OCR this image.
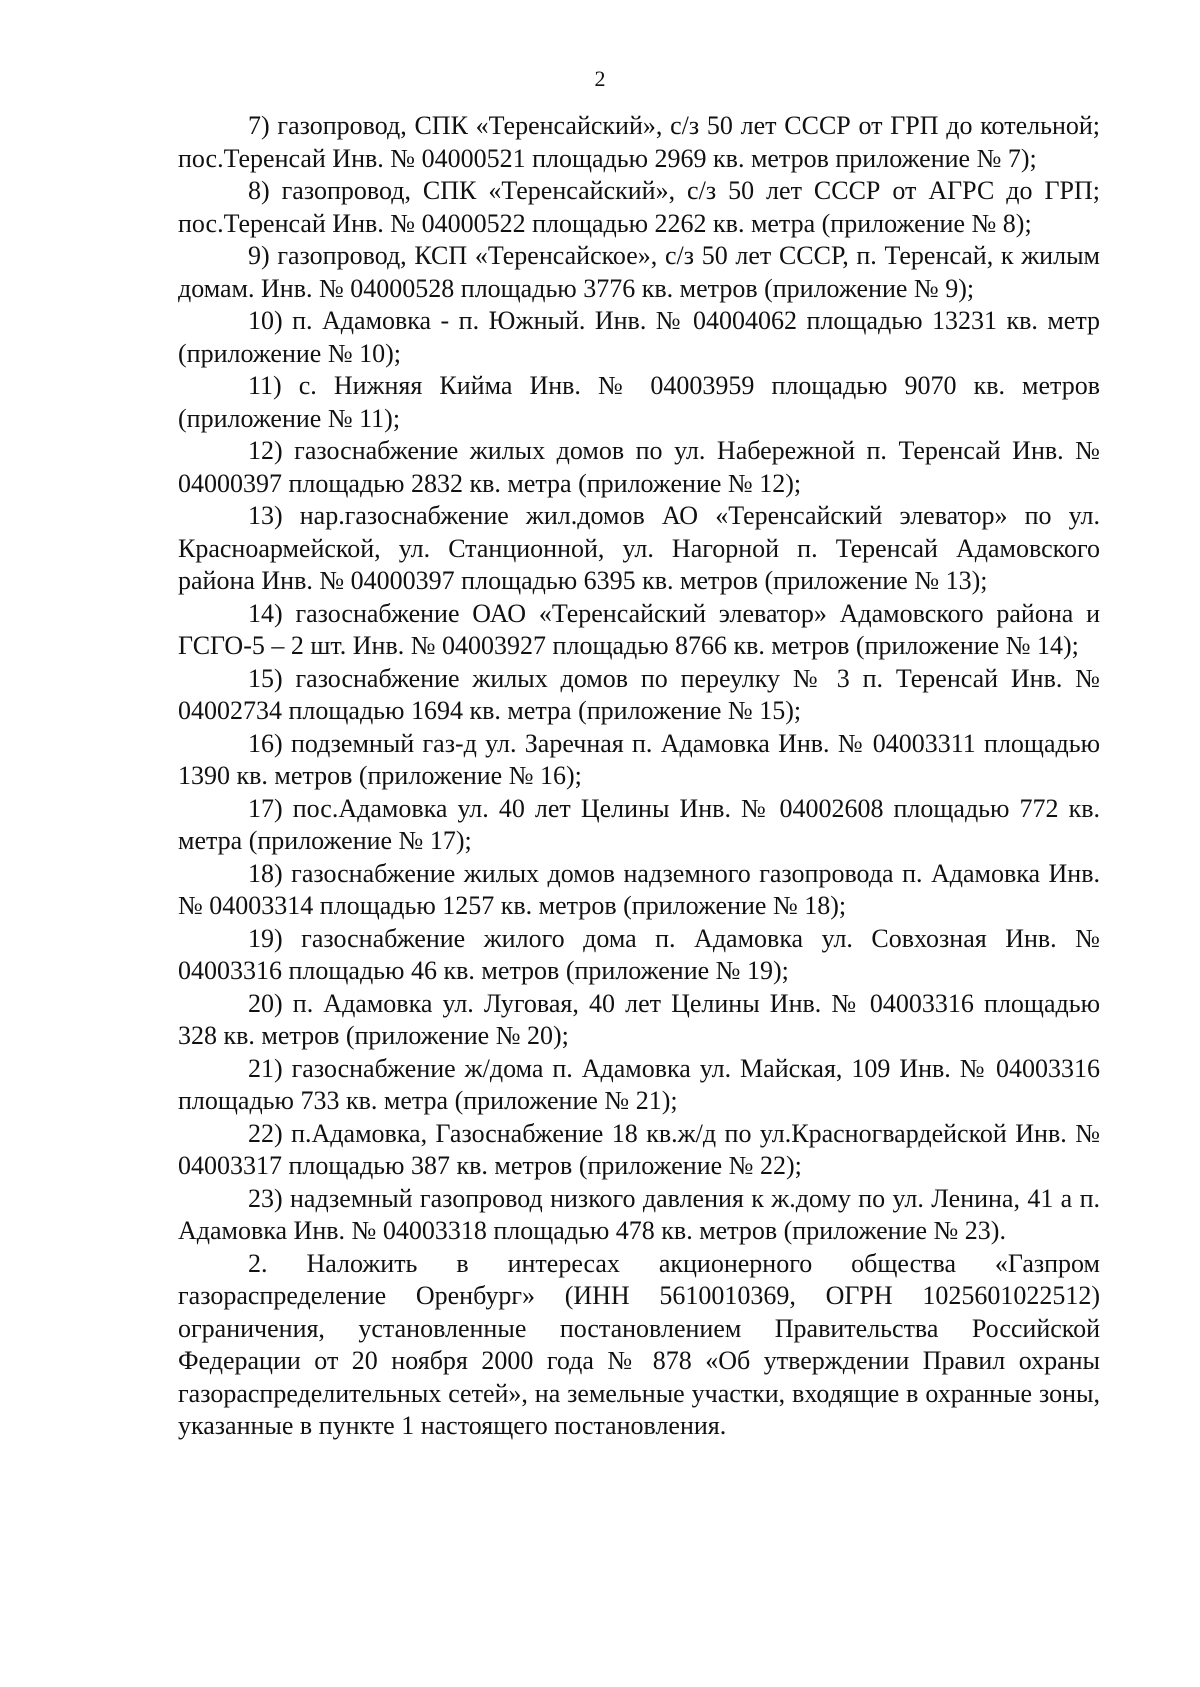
2

7) газопровод, СПК «Теренсайский», с/з 50 лет СССР от ГРП до котельной; пос.Теренсай Инв. № 04000521 площадью 2969 кв. метров приложение № 7);

8) газопровод, СПК «Теренсайский», с/з 50 лет СССР от АГРС до ГРП; пос.Теренсай Инв. № 04000522 площадью 2262 кв. метра (приложение № 8);

9) газопровод, КСП «Теренсайское», с/з 50 лет СССР, п. Теренсай, к жилым домам. Инв. № 04000528 площадью 3776 кв. метров (приложение № 9);

10) п. Адамовка - п. Южный. Инв. № 04004062 площадью 13231 кв. метр (приложение № 10);

11) с. Нижняя Кийма Инв. № 04003959 площадью 9070 кв. метров (приложение № 11);

12) газоснабжение жилых домов по ул. Набережной п. Теренсай Инв. № 04000397 площадью 2832 кв. метра (приложение № 12);

13) нар.газоснабжение жил.домов АО «Теренсайский элеватор» по ул. Красноармейской, ул. Станционной, ул. Нагорной п. Теренсай Адамовского района Инв. № 04000397 площадью 6395 кв. метров (приложение № 13);

14) газоснабжение ОАО «Теренсайский элеватор» Адамовского района и ГСГО-5 – 2 шт. Инв. № 04003927 площадью 8766 кв. метров (приложение № 14);

15) газоснабжение жилых домов по переулку № 3 п. Теренсай Инв. № 04002734 площадью 1694 кв. метра (приложение № 15);

16) подземный газ-д ул. Заречная п. Адамовка Инв. № 04003311 площадью 1390 кв. метров (приложение № 16);

17) пос.Адамовка ул. 40 лет Целины Инв. № 04002608 площадью 772 кв. метра (приложение № 17);

18) газоснабжение жилых домов надземного газопровода п. Адамовка Инв. № 04003314 площадью 1257 кв. метров (приложение № 18);

19) газоснабжение жилого дома п. Адамовка ул. Совхозная Инв. № 04003316 площадью 46 кв. метров (приложение № 19);

20) п. Адамовка ул. Луговая, 40 лет Целины Инв. № 04003316 площадью 328 кв. метров (приложение № 20);

21) газоснабжение ж/дома п. Адамовка ул. Майская, 109 Инв. № 04003316 площадью 733 кв. метра (приложение № 21);

22) п.Адамовка, Газоснабжение 18 кв.ж/д по ул.Красногвардейской Инв. № 04003317 площадью 387 кв. метров (приложение № 22);

23) надземный газопровод низкого давления к ж.дому по ул. Ленина, 41 а п. Адамовка Инв. № 04003318 площадью 478 кв. метров (приложение № 23).

2. Наложить в интересах акционерного общества «Газпром газораспределение Оренбург» (ИНН 5610010369, ОГРН 1025601022512) ограничения, установленные постановлением Правительства Российской Федерации от 20 ноября 2000 года № 878 «Об утверждении Правил охраны газораспределительных сетей», на земельные участки, входящие в охранные зоны, указанные в пункте 1 настоящего постановления.
